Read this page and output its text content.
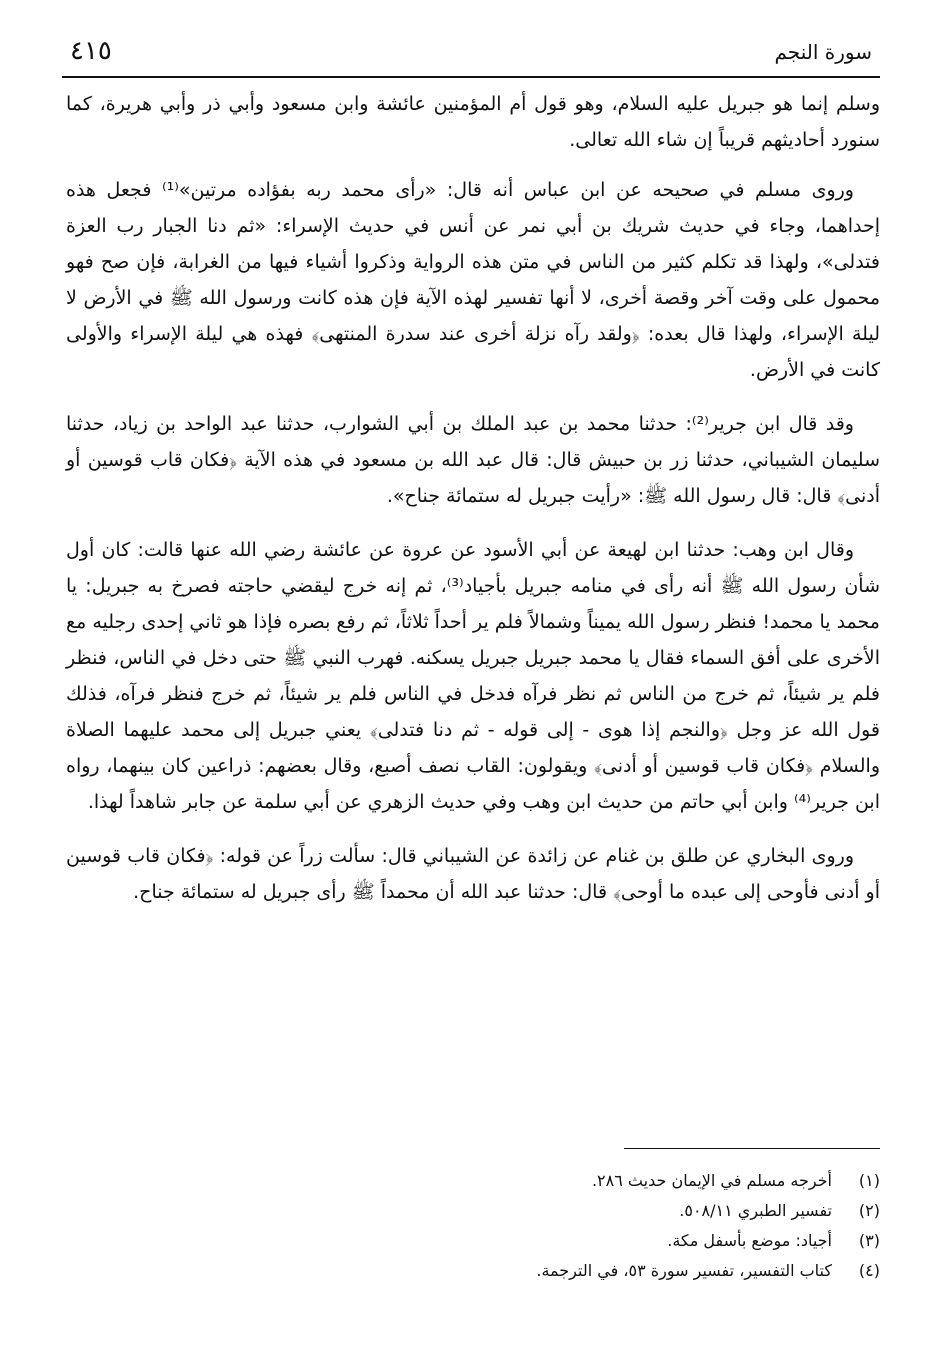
٤١٥	سورة النجم

وسلم إنما هو جبريل عليه السلام، وهو قول أم المؤمنين عائشة وابن مسعود وأبي ذر وأبي هريرة، كما سنورد أحاديثهم قريباً إن شاء الله تعالى.

وروى مسلم في صحيحه عن ابن عباس أنه قال: «رأى محمد ربه بفؤاده مرتين»⁽¹⁾ فجعل هذه إحداهما، وجاء في حديث شريك بن أبي نمر عن أنس في حديث الإسراء: «ثم دنا الجبار رب العزة فتدلى»، ولهذا قد تكلم كثير من الناس في متن هذه الرواية وذكروا أشياء فيها من الغرابة، فإن صح فهو محمول على وقت آخر وقصة أخرى، لا أنها تفسير لهذه الآية فإن هذه كانت ورسول الله ﷺ في الأرض لا ليلة الإسراء، ولهذا قال بعده: ﴿ولقد رآه نزلة أخرى عند سدرة المنتهى﴾ فهذه هي ليلة الإسراء والأولى كانت في الأرض.

وقد قال ابن جرير⁽²⁾: حدثنا محمد بن عبد الملك بن أبي الشوارب، حدثنا عبد الواحد بن زياد، حدثنا سليمان الشيباني، حدثنا زر بن حبيش قال: قال عبد الله بن مسعود في هذه الآية ﴿فكان قاب قوسين أو أدنى﴾ قال: قال رسول الله ﷺ: «رأيت جبريل له ستمائة جناح».

وقال ابن وهب: حدثنا ابن لهيعة عن أبي الأسود عن عروة عن عائشة رضي الله عنها قالت: كان أول شأن رسول الله ﷺ أنه رأى في منامه جبريل بأجياد⁽³⁾، ثم إنه خرج ليقضي حاجته فصرخ به جبريل: يا محمد يا محمد! فنظر رسول الله يميناً وشمالاً فلم ير أحداً ثلاثاً، ثم رفع بصره فإذا هو ثاني إحدى رجليه مع الأخرى على أفق السماء فقال يا محمد جبريل جبريل يسكنه. فهرب النبي ﷺ حتى دخل في الناس، فنظر فلم ير شيئاً، ثم خرج من الناس ثم نظر فرآه فدخل في الناس فلم ير شيئاً، ثم خرج فنظر فرآه، فذلك قول الله عز وجل ﴿والنجم إذا هوى - إلى قوله - ثم دنا فتدلى﴾ يعني جبريل إلى محمد عليهما الصلاة والسلام ﴿فكان قاب قوسين أو أدنى﴾ ويقولون: القاب نصف أصبع، وقال بعضهم: ذراعين كان بينهما، رواه ابن جرير⁽⁴⁾ وابن أبي حاتم من حديث ابن وهب وفي حديث الزهري عن أبي سلمة عن جابر شاهداً لهذا.

وروى البخاري عن طلق بن غنام عن زائدة عن الشيباني قال: سألت زراً عن قوله: ﴿فكان قاب قوسين أو أدنى فأوحى إلى عبده ما أوحى﴾ قال: حدثنا عبد الله أن محمداً ﷺ رأى جبريل له ستمائة جناح.

(١)
أخرجه مسلم في الإيمان حديث ٢٨٦.
(٢)
تفسير الطبري ٥٠٨/١١.
(٣)
أجياد: موضع بأسفل مكة.
(٤)
كتاب التفسير، تفسير سورة ٥٣، في الترجمة.
